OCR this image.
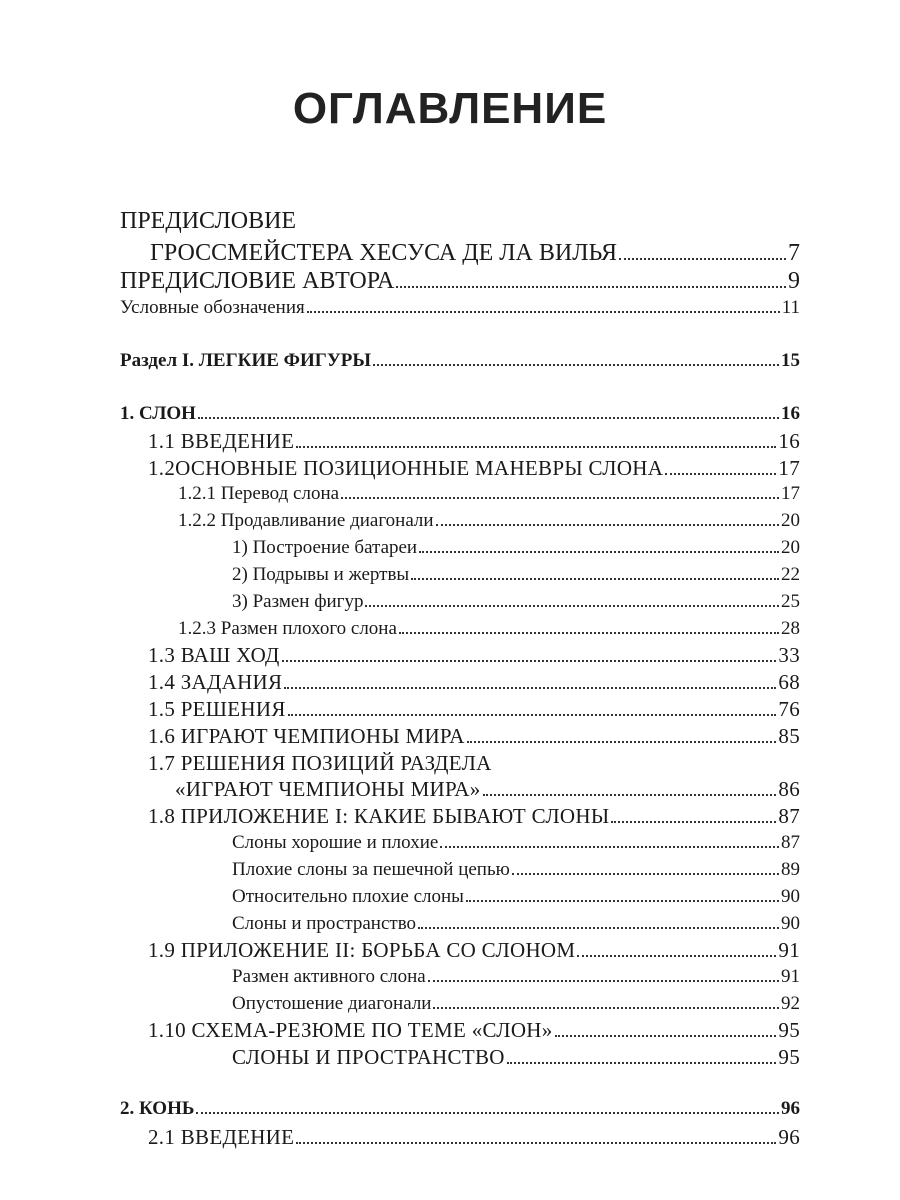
ОГЛАВЛЕНИЕ
ПРЕДИСЛОВИЕ
ГРОССМЕЙСТЕРА ХЕСУСА ДЕ ЛА ВИЛЬЯ	7
ПРЕДИСЛОВИЕ АВТОРА	9
Условные обозначения	11
Раздел I. ЛЕГКИЕ ФИГУРЫ	15
1. СЛОН	16
1.1 ВВЕДЕНИЕ	16
1.2ОСНОВНЫЕ ПОЗИЦИОННЫЕ МАНЕВРЫ СЛОНА	17
1.2.1 Перевод слона	17
1.2.2 Продавливание диагонали	20
1) Построение батареи	20
2) Подрывы и жертвы	22
3) Размен фигур	25
1.2.3 Размен плохого слона	28
1.3 ВАШ ХОД	33
1.4 ЗАДАНИЯ	68
1.5 РЕШЕНИЯ	76
1.6 ИГРАЮТ ЧЕМПИОНЫ МИРА	85
1.7 РЕШЕНИЯ ПОЗИЦИЙ РАЗДЕЛА
«ИГРАЮТ ЧЕМПИОНЫ МИРА»	86
1.8 ПРИЛОЖЕНИЕ I: КАКИЕ БЫВАЮТ СЛОНЫ	87
Слоны хорошие и плохие	87
Плохие слоны за пешечной цепью	89
Относительно плохие слоны	90
Слоны и пространство	90
1.9 ПРИЛОЖЕНИЕ II: БОРЬБА СО СЛОНОМ	91
Размен активного слона	91
Опустошение диагонали	92
1.10 СХЕМА-РЕЗЮМЕ ПО ТЕМЕ «СЛОН»	95
СЛОНЫ И ПРОСТРАНСТВО	95
2. КОНЬ	96
2.1 ВВЕДЕНИЕ	96
